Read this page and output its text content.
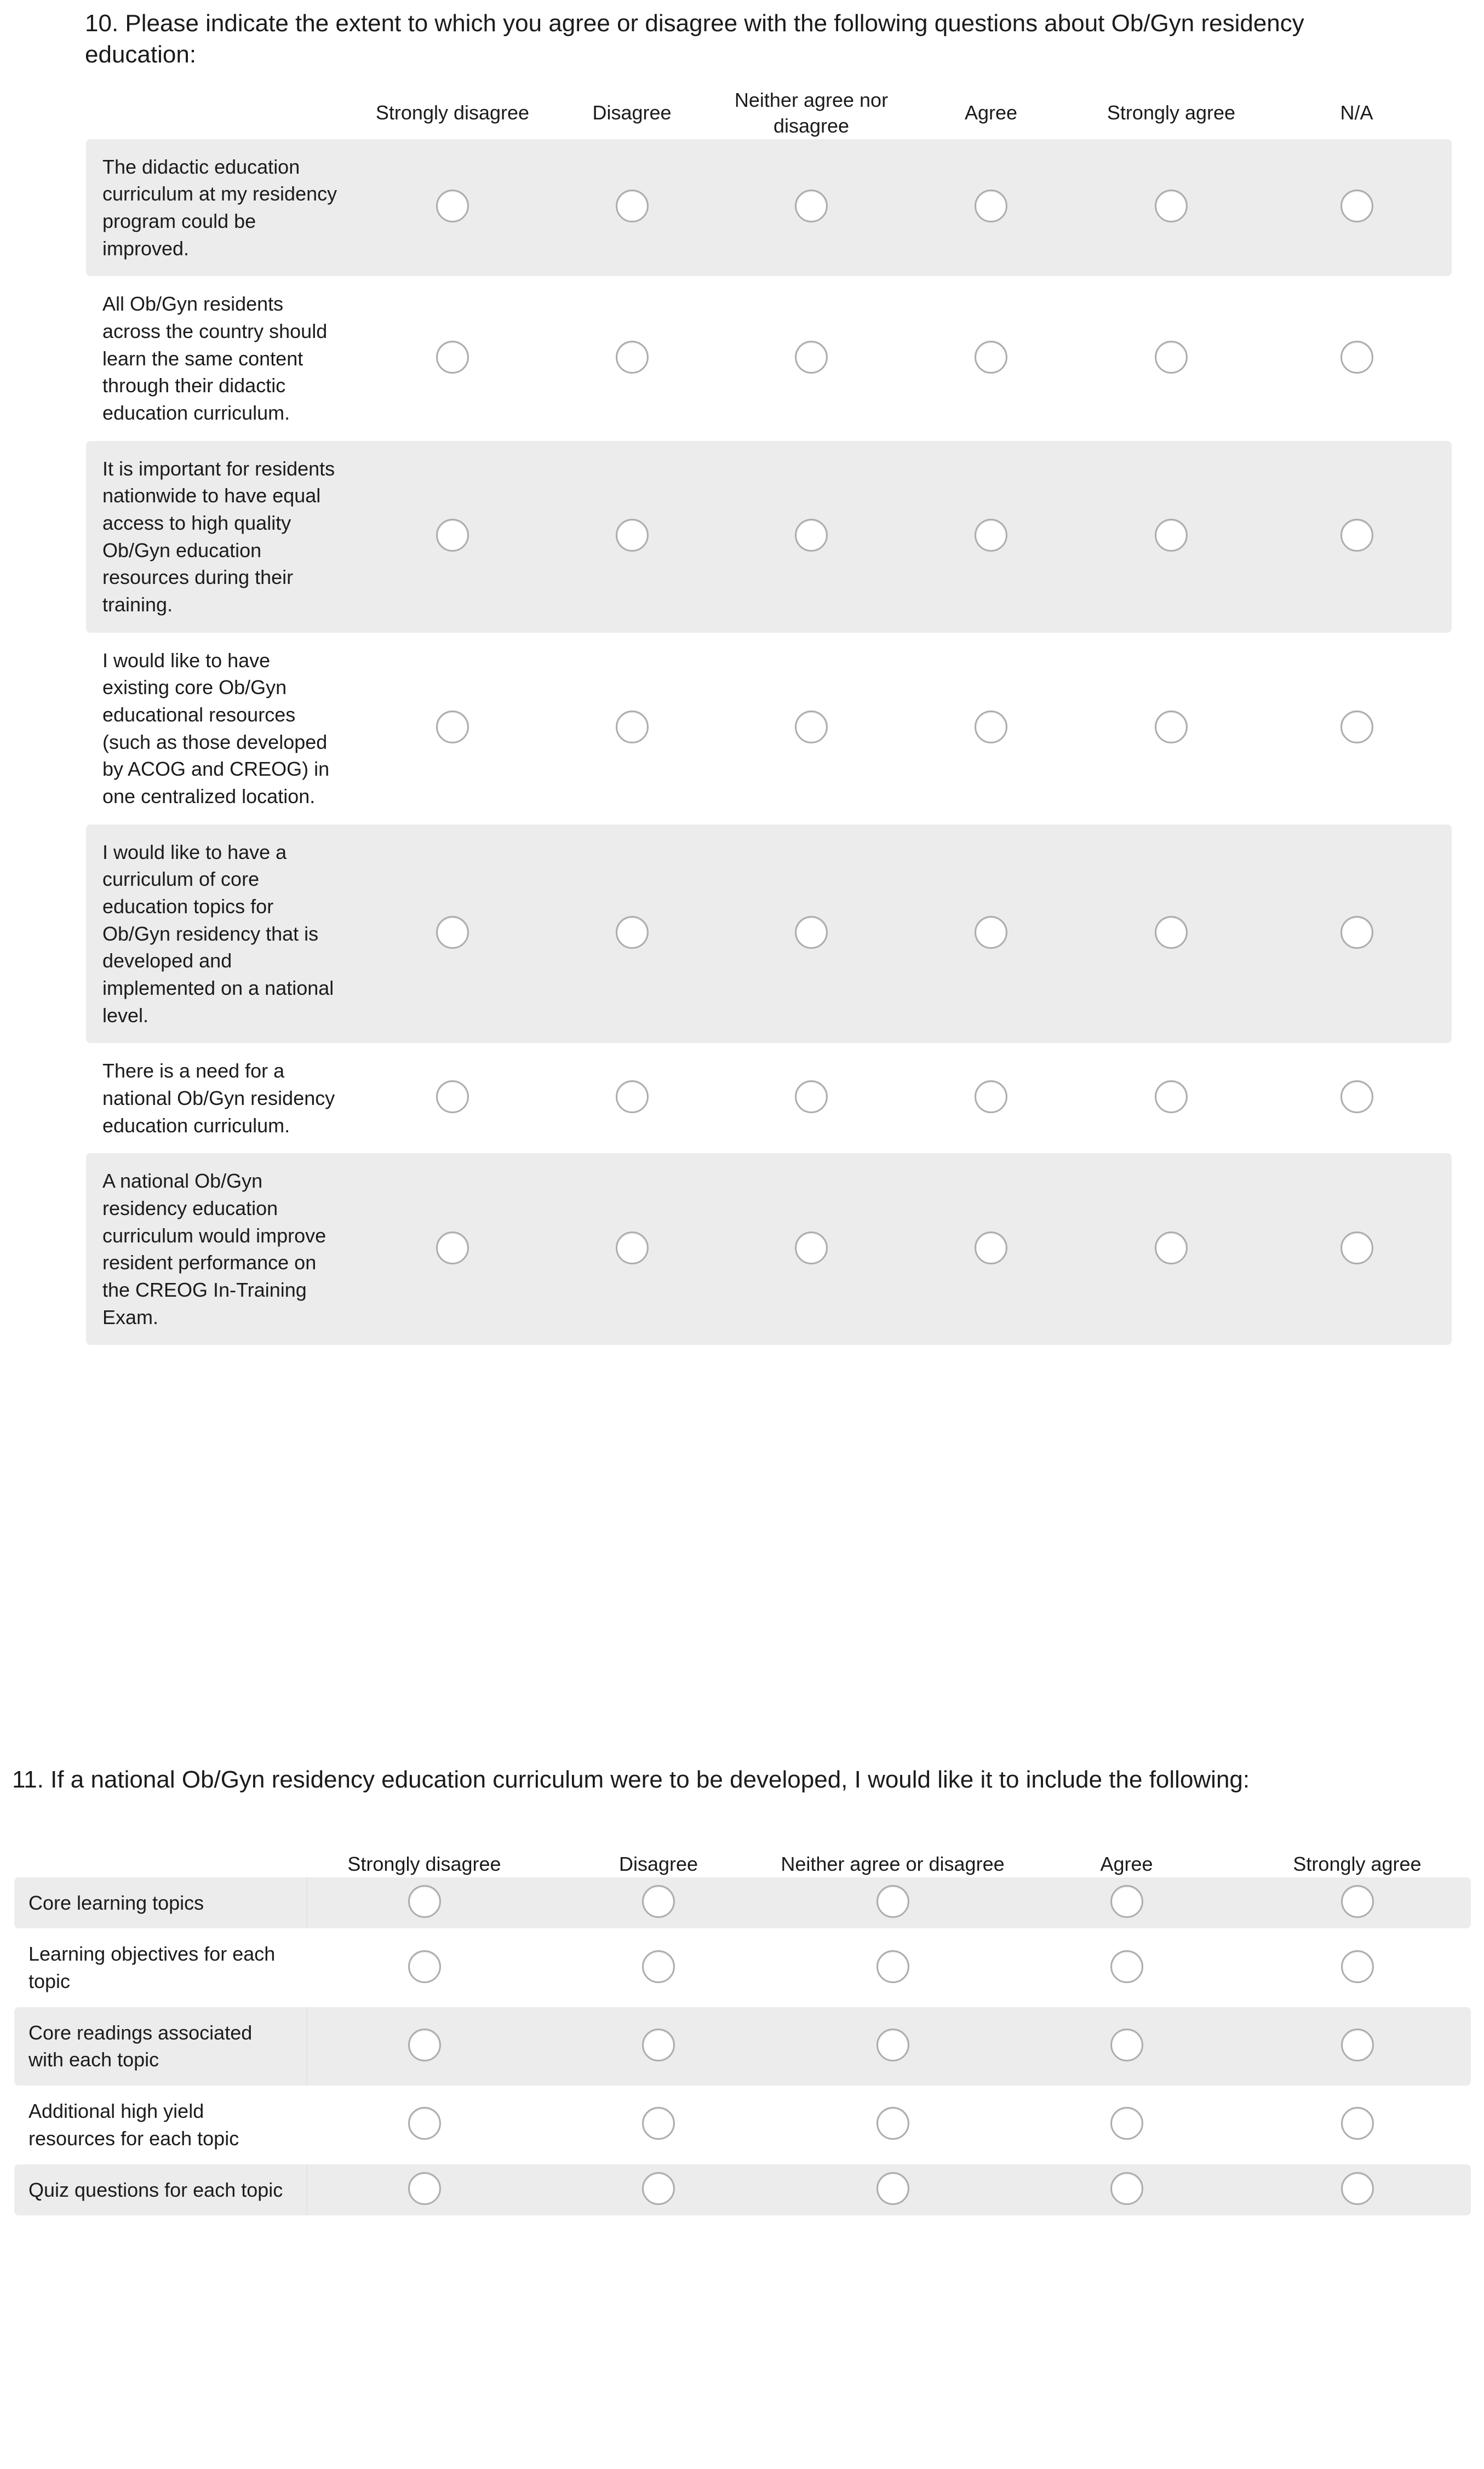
10. Please indicate the extent to which you agree or disagree with the following questions about Ob/Gyn residency education:
	Strongly disagree	Disagree	Neither agree nor disagree	Agree	Strongly agree	N/A
The didactic education curriculum at my residency program could be improved.						
All Ob/Gyn residents across the country should learn the same content through their didactic education curriculum.						
It is important for residents nationwide to have equal access to high quality Ob/Gyn education resources during their training.						
I would like to have existing core Ob/Gyn educational resources (such as those developed by ACOG and CREOG) in one centralized location.						
I would like to have a curriculum of core education topics for Ob/Gyn residency that is developed and implemented on a national level.						
There is a need for a national Ob/Gyn residency education curriculum.						
A national Ob/Gyn residency education curriculum would improve resident performance on the CREOG In-Training Exam.						
11. If a national Ob/Gyn residency education curriculum were to be developed, I would like it to include the following:
	Strongly disagree	Disagree	Neither agree or disagree	Agree	Strongly agree
Core learning topics					
Learning objectives for each topic					
Core readings associated with each topic					
Additional high yield resources for each topic					
Quiz questions for each topic					
